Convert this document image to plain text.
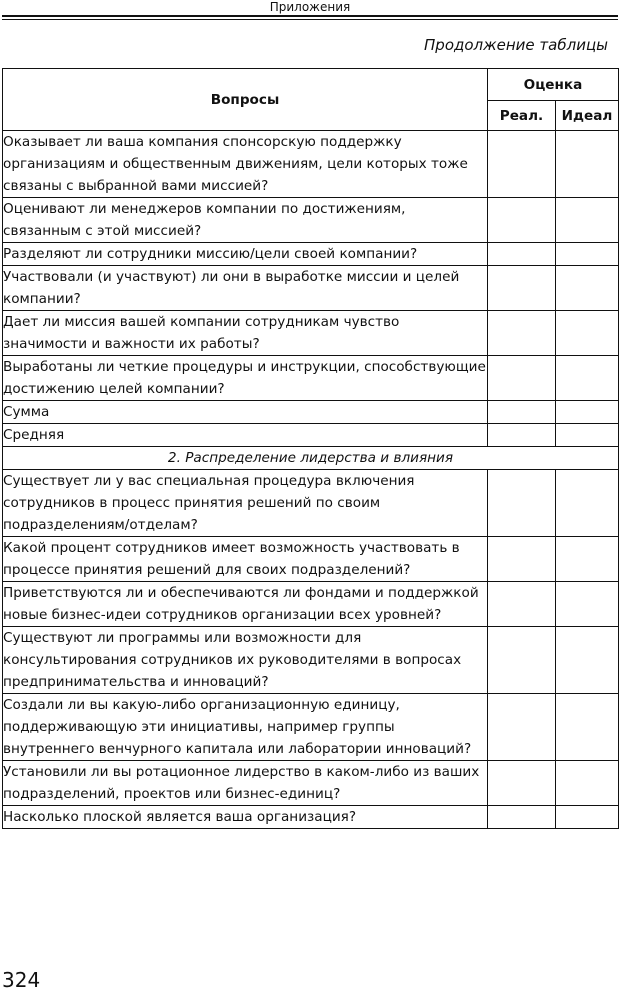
Приложения
Продолжение таблицы
Вопросы	Оценка	
	Реал.	Идеал
Оказывает ли ваша компания спонсорскую поддержку организациям и общественным движениям, цели которых тоже связаны с выбранной вами миссией?		
Оценивают ли менеджеров компании по достижениям, связанным с этой миссией?		
Разделяют ли сотрудники миссию/цели своей компании?		
Участвовали (и участвуют) ли они в выработке миссии и целей компании?		
Дает ли миссия вашей компании сотрудникам чувство значимости и важности их работы?		
Выработаны ли четкие процедуры и инструкции, способствующие достижению целей компании?		
Сумма		
Средняя		
2. Распределение лидерства и влияния		
Существует ли у вас специальная процедура включения сотрудников в процесс принятия решений по своим подразделениям/отделам?		
Какой процент сотрудников имеет возможность участвовать в процессе принятия решений для своих подразделений?		
Приветствуются ли и обеспечиваются ли фондами и поддержкой новые бизнес-идеи сотрудников организации всех уровней?		
Существуют ли программы или возможности для консультирования сотрудников их руководителями в вопросах предпринимательства и инноваций?		
Создали ли вы какую-либо организационную единицу, поддерживающую эти инициативы, например группы внутреннего венчурного капитала или лаборатории инноваций?		
Установили ли вы ротационное лидерство в каком-либо из ваших подразделений, проектов или бизнес-единиц?		
Насколько плоской является ваша организация?		
324
